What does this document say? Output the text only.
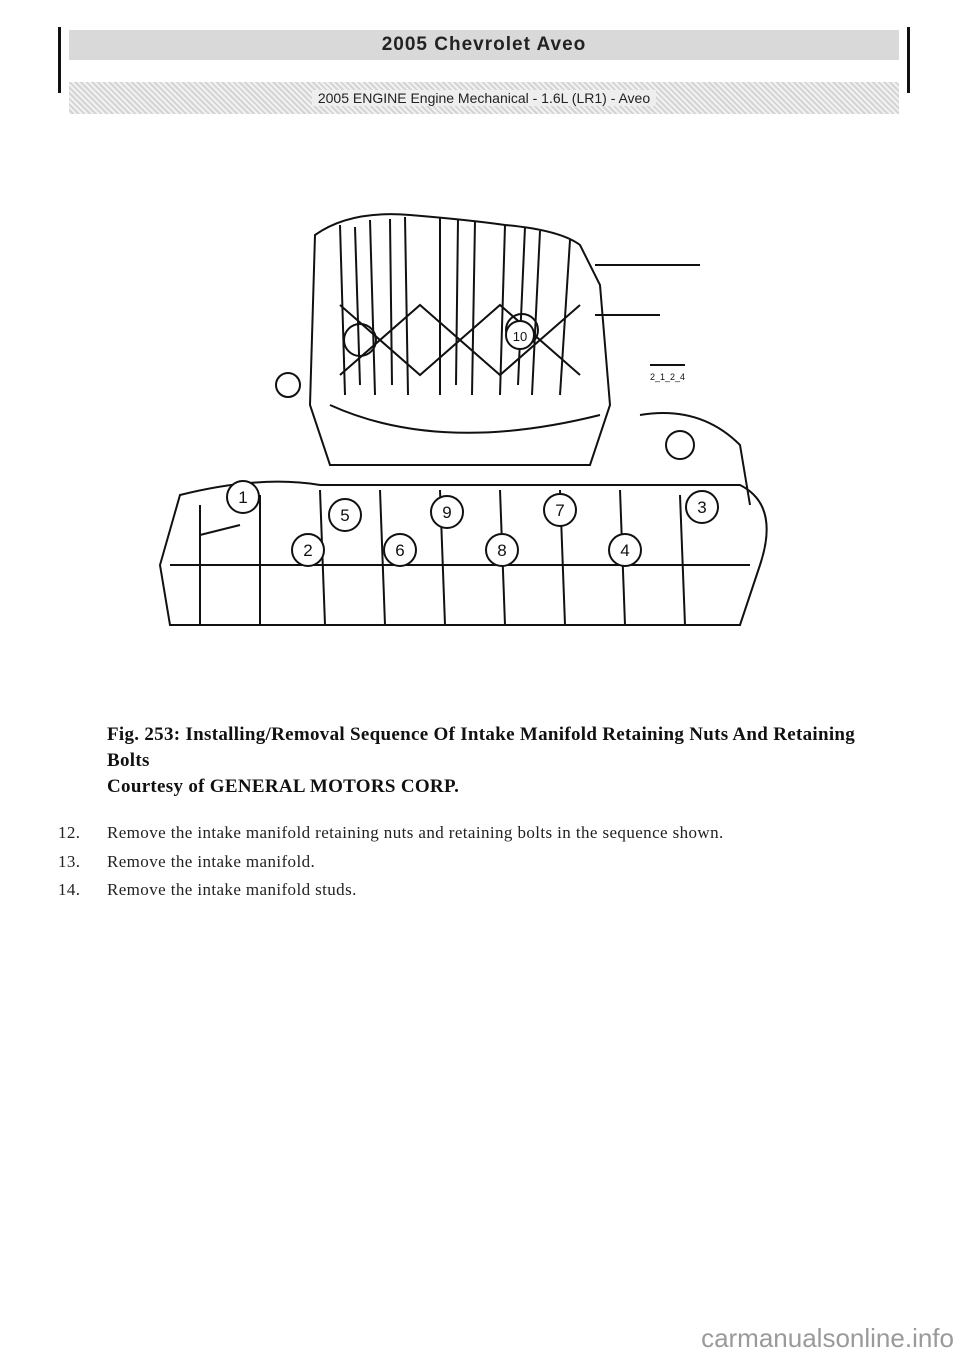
2005 Chevrolet Aveo
2005 ENGINE Engine Mechanical - 1.6L (LR1) - Aveo
1
2
3
4
5
6
7
8
9
10
2_1_2_4
Fig. 253: Installing/Removal Sequence Of Intake Manifold Retaining Nuts And Retaining Bolts
Courtesy of GENERAL MOTORS CORP.
12.	Remove the intake manifold retaining nuts and retaining bolts in the sequence shown.
13.	Remove the intake manifold.
14.	Remove the intake manifold studs.
carmanualsonline.info
